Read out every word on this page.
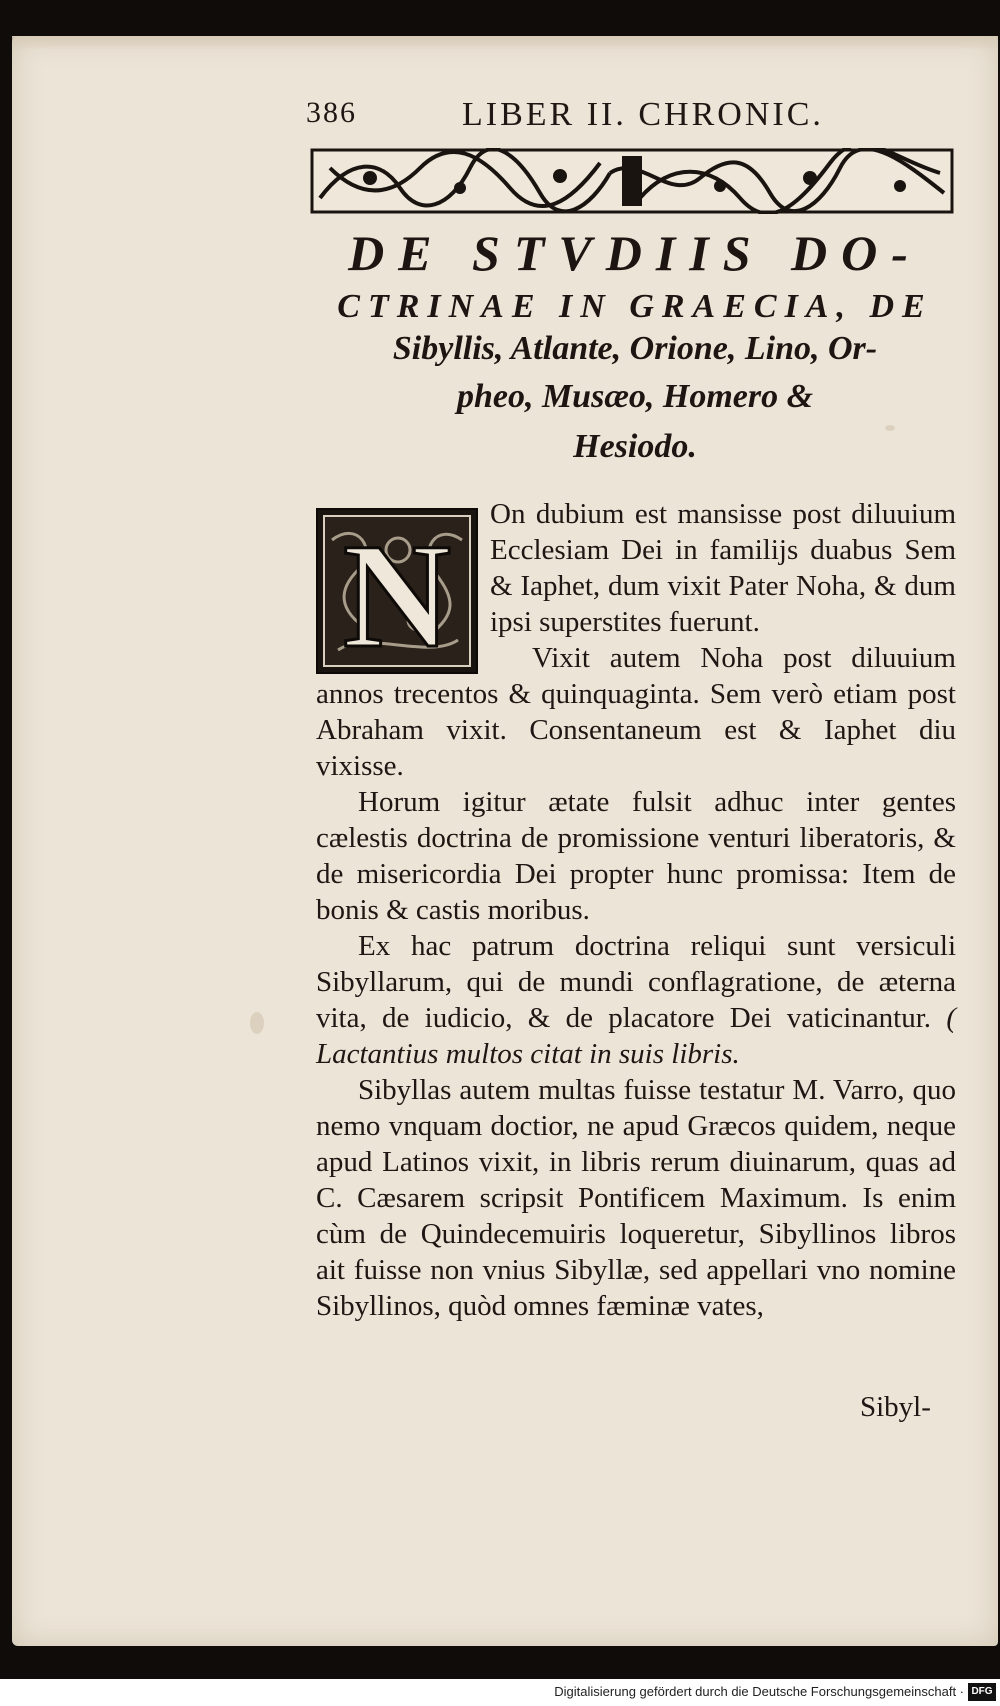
386	LIBER II. CHRONIC.

DE STVDIIS DO-

CTRINAE IN GRAECIA, DE

Sibyllis, Atlante, Orione, Lino, Or-

pheo, Musæo, Homero &

Hesiodo.

N	On dubium est mansisse post diluuium Ecclesiam Dei in familijs duabus Sem & Iaphet, dum vixit Pater Noha, & dum ipsi superstites fuerunt.

Vixit autem Noha post diluuium annos trecentos & quinquaginta. Sem verò etiam post Abraham vixit. Consentaneum est & Iaphet diu vixisse.

Horum igitur ætate fulsit adhuc inter gentes cælestis doctrina de promissione venturi liberatoris, & de misericordia Dei propter hunc promissa: Item de bonis & castis moribus.

Ex hac patrum doctrina reliqui sunt versiculi Sibyllarum, qui de mundi conflagratione, de æterna vita, de iudicio, & de placatore Dei vaticinantur. ( Lactantius multos citat in suis libris.

Sibyllas autem multas fuisse testatur M. Varro, quo nemo vnquam doctior, ne apud Græcos quidem, neque apud Latinos vixit, in libris rerum diuinarum, quas ad C. Cæsarem scripsit Pontificem Maximum. Is enim cùm de Quindecemuiris loqueretur, Sibyllinos libros ait fuisse non vnius Sibyllæ, sed appellari vno nomine Sibyllinos, quòd omnes fæminæ vates,

Sibyl-
Digitalisierung gefördert durch die Deutsche Forschungsgemeinschaft · DFG
